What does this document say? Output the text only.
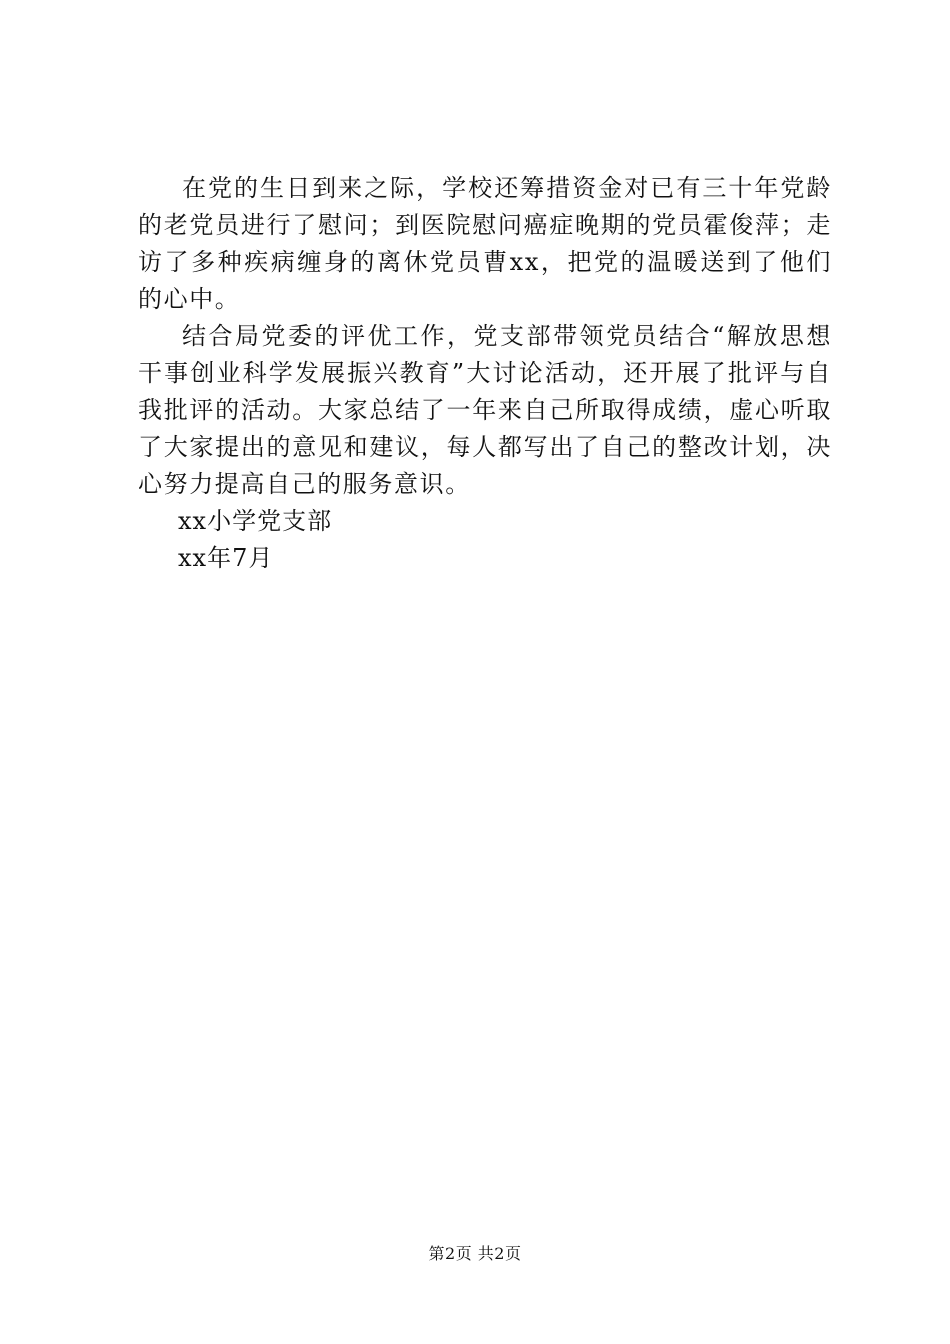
在党的生日到来之际，学校还筹措资金对已有三十年党龄的老党员进行了慰问；到医院慰问癌症晚期的党员霍俊萍；走访了多种疾病缠身的离休党员曹xx，把党的温暖送到了他们的心中。

结合局党委的评优工作，党支部带领党员结合“解放思想干事创业科学发展振兴教育”大讨论活动，还开展了批评与自我批评的活动。大家总结了一年来自己所取得成绩，虚心听取了大家提出的意见和建议，每人都写出了自己的整改计划，决心努力提高自己的服务意识。

xx小学党支部

xx年7月

第2页 共2页
